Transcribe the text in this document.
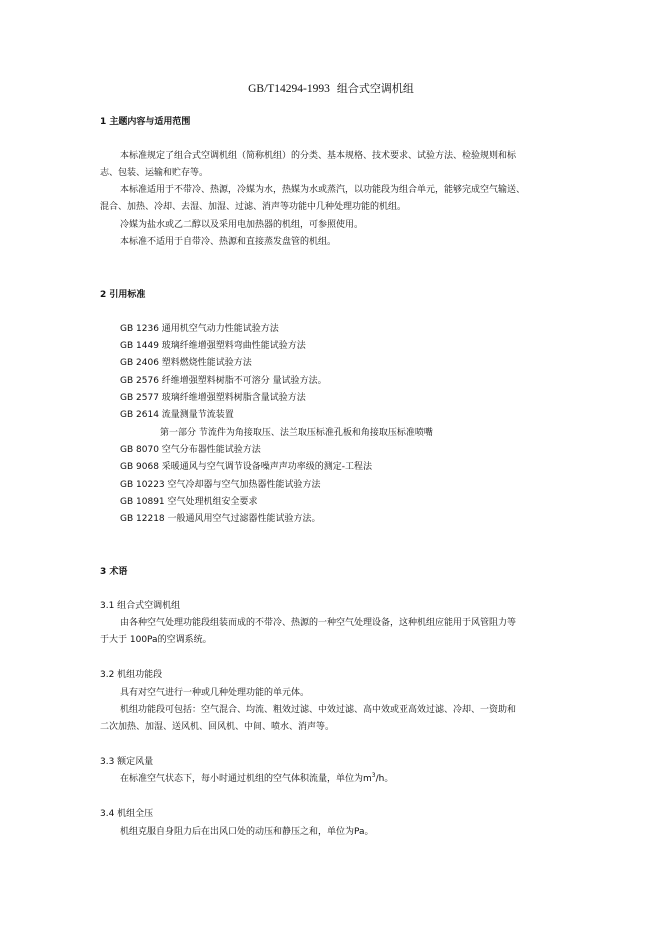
GB/T14294-1993 组合式空调机组
1 主题内容与适用范围
本标准规定了组合式空调机组（简称机组）的分类、基本规格、技术要求、试验方法、检验规则和标
志、包装、运输和贮存等。
本标准适用于不带冷、热源，冷媒为水，热媒为水或蒸汽，以功能段为组合单元，能够完成空气输送、
混合、加热、冷却、去湿、加湿、过滤、消声等功能中几种处理功能的机组。
冷媒为盐水或乙二醇以及采用电加热器的机组，可参照使用。
本标准不适用于自带冷、热源和直接蒸发盘管的机组。
2 引用标准
GB 1236 通用机空气动力性能试验方法
GB 1449 玻璃纤维增强塑料弯曲性能试验方法
GB 2406 塑料燃烧性能试验方法
GB 2576 纤维增强塑料树脂不可溶分 量试验方法。
GB 2577 玻璃纤维增强塑料树脂含量试验方法
GB 2614 流量测量节流装置
第一部分 节流件为角接取压、法兰取压标准孔板和角接取压标准喷嘴
GB 8070 空气分布器性能试验方法
GB 9068 采暖通风与空气调节设备噪声声功率级的测定-工程法
GB 10223 空气冷却器与空气加热器性能试验方法
GB 10891 空气处理机组安全要求
GB 12218 一般通风用空气过滤器性能试验方法。
3 术语
3.1 组合式空调机组
由各种空气处理功能段组装而成的不带冷、热源的一种空气处理设备，这种机组应能用于风管阻力等
于大于 100Pa的空调系统。
3.2 机组功能段
具有对空气进行一种或几种处理功能的单元体。
机组功能段可包括：空气混合、均流、粗效过滤、中效过滤、高中效或亚高效过滤、冷却、一资助和
二次加热、加湿、送风机、回风机、中间、喷水、消声等。
3.3 额定风量
在标准空气状态下，每小时通过机组的空气体积流量，单位为$m^3/h$。
3.4 机组全压
机组克服自身阻力后在出风口处的动压和静压之和，单位为Pa。
